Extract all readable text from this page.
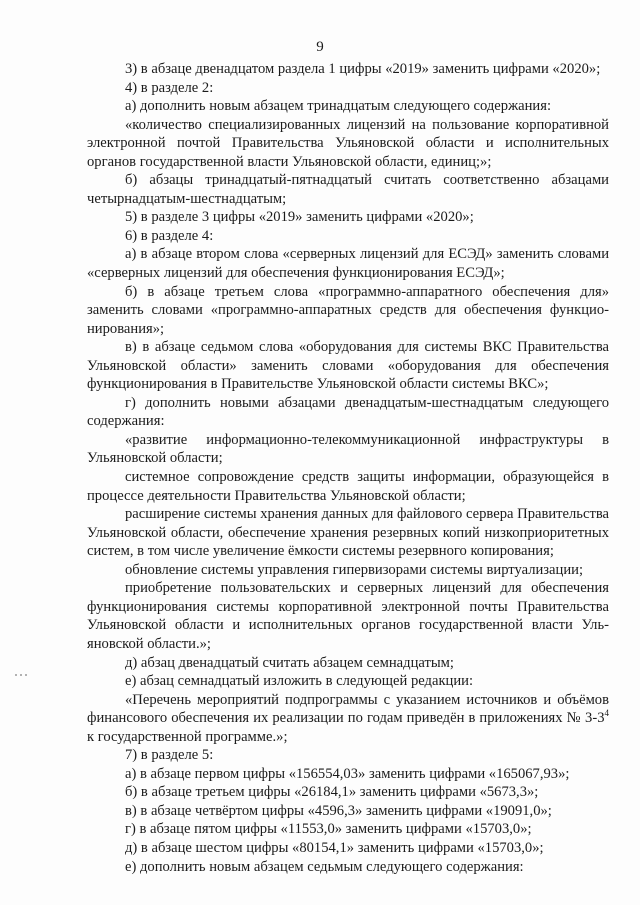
9

3) в абзаце двенадцатом раздела 1 цифры «2019» заменить цифрами «2020»;

4) в разделе 2:

а) дополнить новым абзацем тринадцатым следующего содержания:

«количество специализированных лицензий на пользование корпоративной электронной почтой Правительства Ульяновской области и исполнительных органов государственной власти Ульяновской области, единиц;»;

б) абзацы тринадцатый-пятнадцатый считать соответственно абзацами четырнадцатым-шестнадцатым;

5) в разделе 3 цифры «2019» заменить цифрами «2020»;

6) в разделе 4:

а) в абзаце втором слова «серверных лицензий для ЕСЭД» заменить словами «серверных лицензий для обеспечения функционирования ЕСЭД»;

б) в абзаце третьем слова «программно-аппаратного обеспечения для» заменить словами «программно-аппаратных средств для обеспечения функционирования»;

в) в абзаце седьмом слова «оборудования для системы ВКС Правительства Ульяновской области» заменить словами «оборудования для обеспечения функционирования в Правительстве Ульяновской области системы ВКС»;

г) дополнить новыми абзацами двенадцатым-шестнадцатым следующего содержания:

«развитие информационно-телекоммуникационной инфраструктуры в Ульяновской области;

системное сопровождение средств защиты информации, образующейся в процессе деятельности Правительства Ульяновской области;

расширение системы хранения данных для файлового сервера Правительства Ульяновской области, обеспечение хранения резервных копий низкоприоритетных систем, в том числе увеличение ёмкости системы резервного копирования;

обновление системы управления гипервизорами системы виртуализации;

приобретение пользовательских и серверных лицензий для обеспечения функционирования системы корпоративной электронной почты Правительства Ульяновской области и исполнительных органов государственной власти Ульяновской области.»;

д) абзац двенадцатый считать абзацем семнадцатым;

е) абзац семнадцатый изложить в следующей редакции:

«Перечень мероприятий подпрограммы с указанием источников и объёмов финансового обеспечения их реализации по годам приведён в приложениях № $3-3^4$ к государственной программе.»;

7) в разделе 5:

а) в абзаце первом цифры «156554,03» заменить цифрами «165067,93»;

б) в абзаце третьем цифры «26184,1» заменить цифрами «5673,3»;

в) в абзаце четвёртом цифры «4596,3» заменить цифрами «19091,0»;

г) в абзаце пятом цифры «11553,0» заменить цифрами «15703,0»;

д) в абзаце шестом цифры «80154,1» заменить цифрами «15703,0»;

е) дополнить новым абзацем седьмым следующего содержания:
